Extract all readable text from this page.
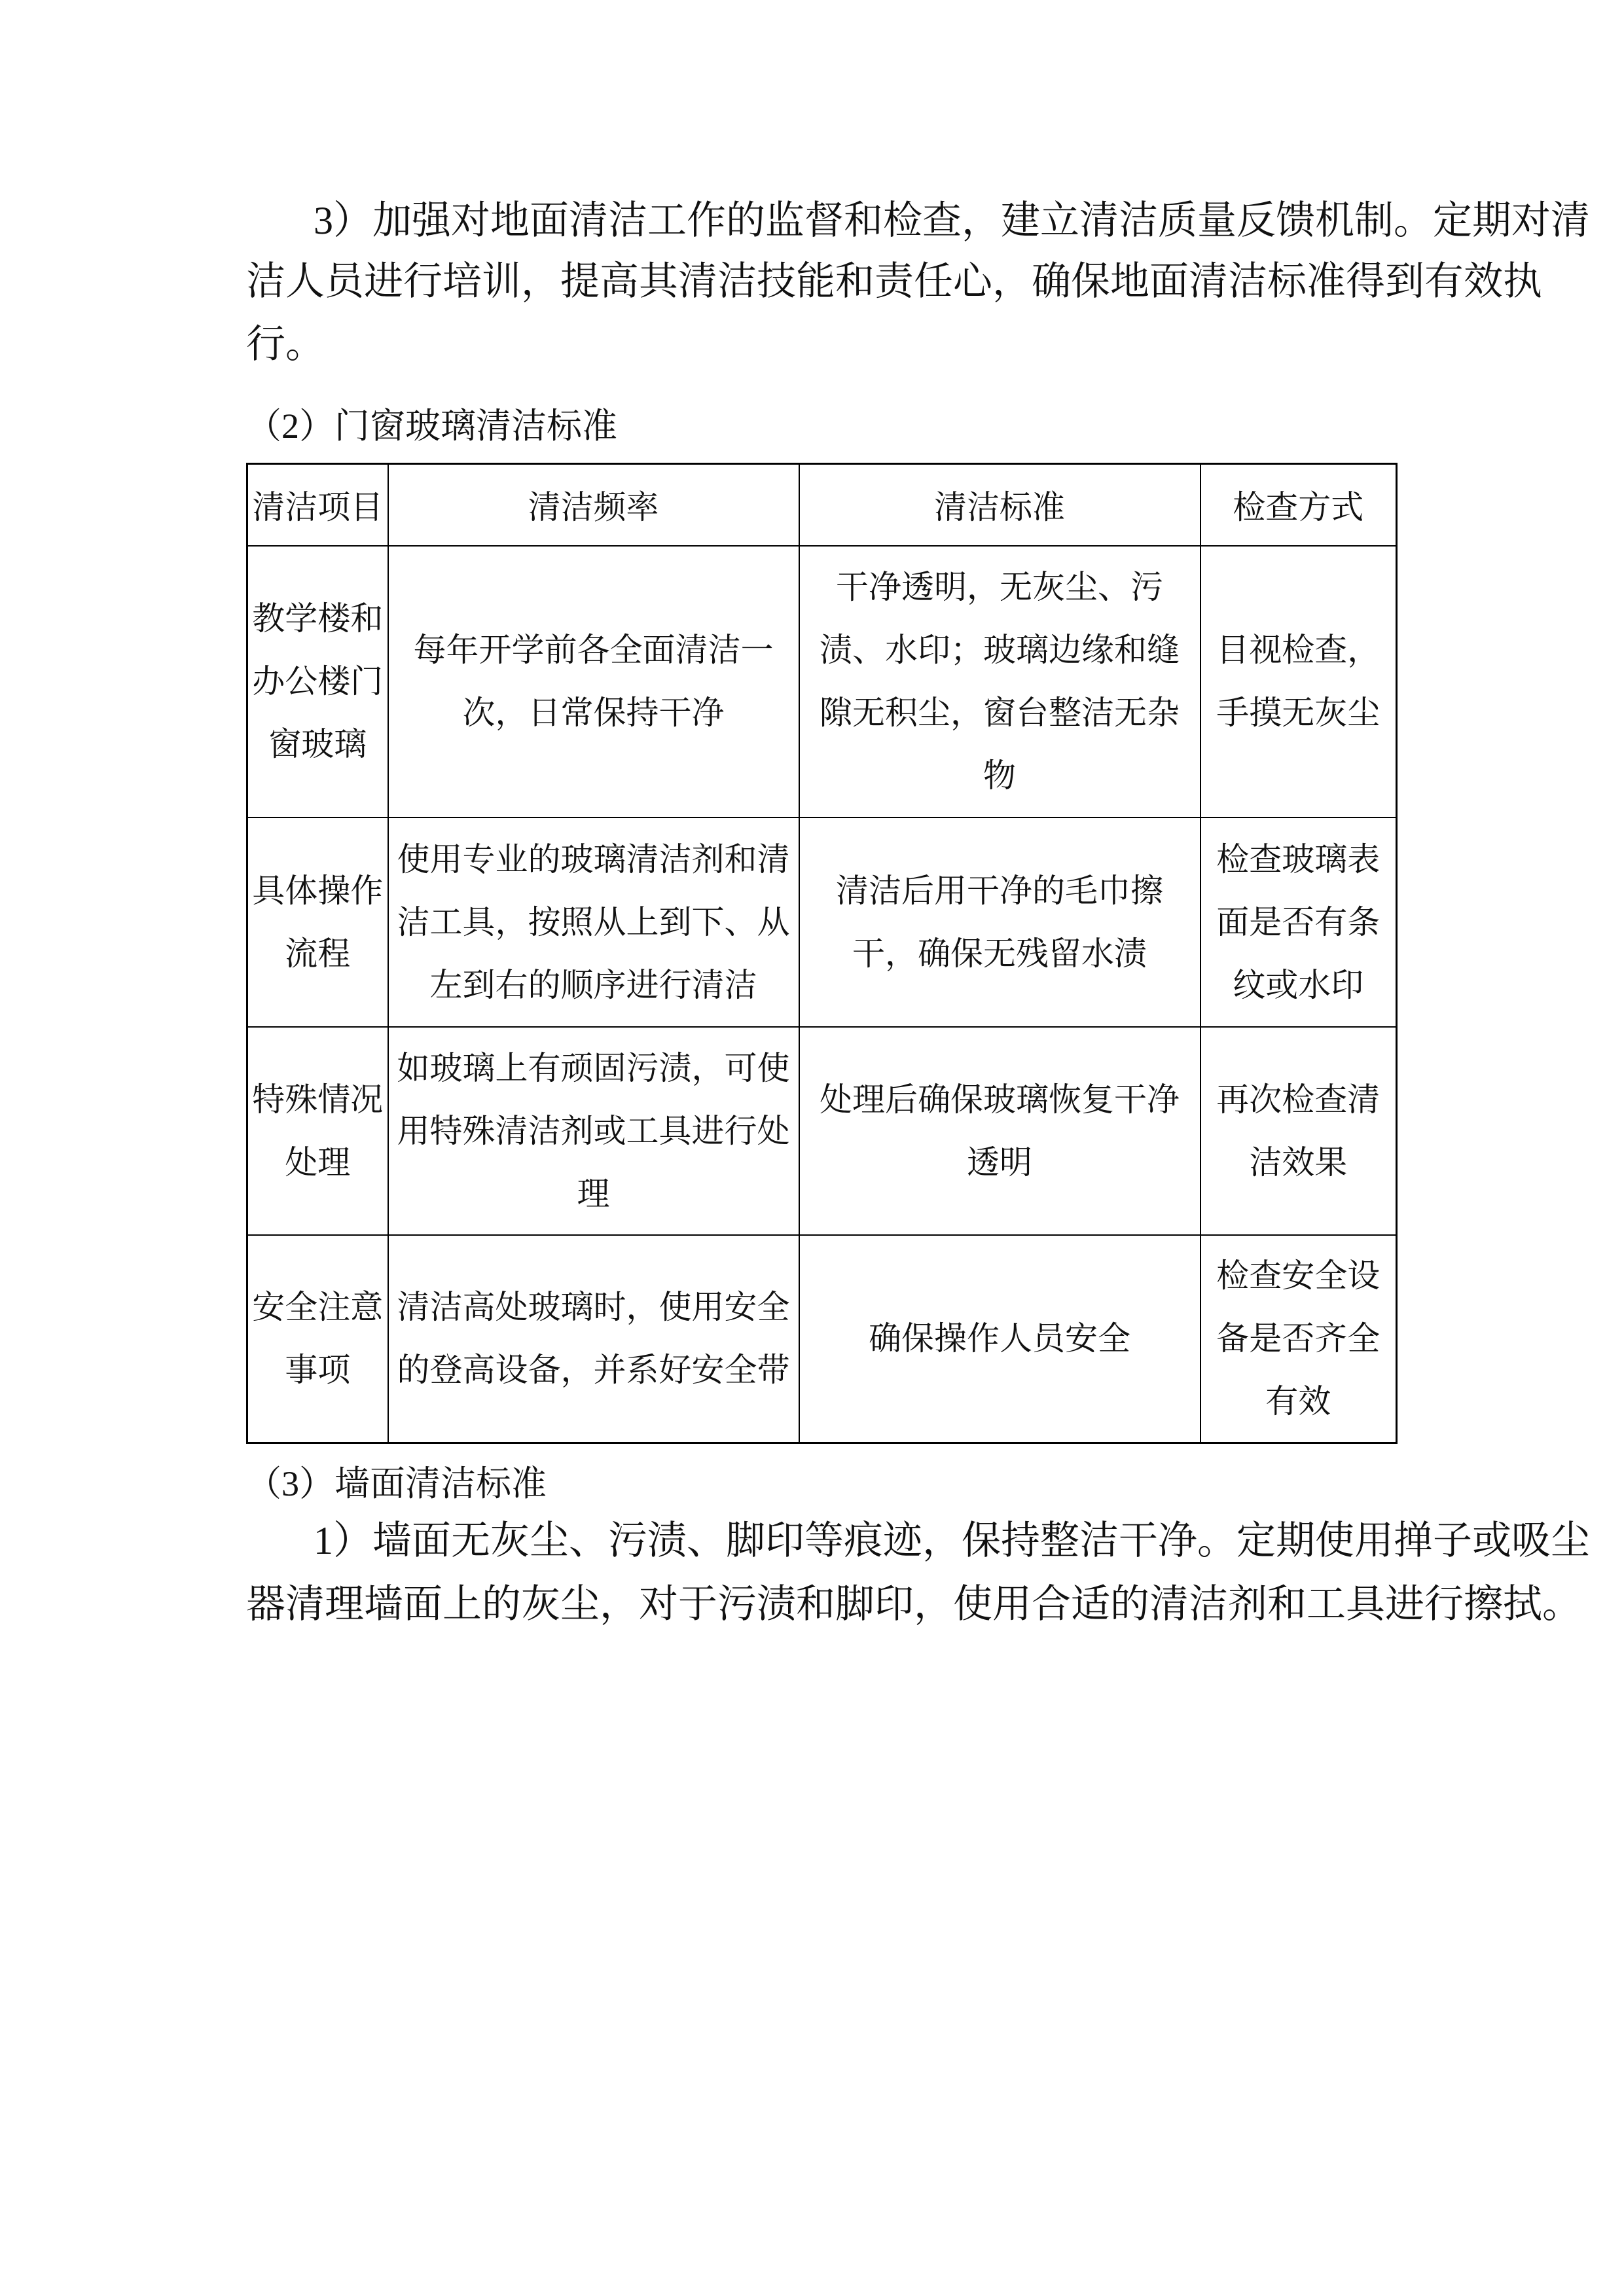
3）加强对地面清洁工作的监督和检查，建立清洁质量反馈机制。定期对清
洁人员进行培训，提高其清洁技能和责任心，确保地面清洁标准得到有效执
行。
（2）门窗玻璃清洁标准
清洁项目	清洁频率	清洁标准	检查方式

教学楼和
办公楼门
窗玻璃	每年开学前各全面清洁一
次，日常保持干净	干净透明，无灰尘、污
渍、水印；玻璃边缘和缝
隙无积尘，窗台整洁无杂
物	目视检查，
手摸无灰尘

具体操作
流程	使用专业的玻璃清洁剂和清
洁工具，按照从上到下、从
左到右的顺序进行清洁	清洁后用干净的毛巾擦
干，确保无残留水渍	检查玻璃表
面是否有条
纹或水印

特殊情况
处理	如玻璃上有顽固污渍，可使
用特殊清洁剂或工具进行处
理	处理后确保玻璃恢复干净
透明	再次检查清
洁效果

安全注意
事项	清洁高处玻璃时，使用安全
的登高设备，并系好安全带	确保操作人员安全	检查安全设
备是否齐全
有效
（3）墙面清洁标准
1）墙面无灰尘、污渍、脚印等痕迹，保持整洁干净。定期使用掸子或吸尘
器清理墙面上的灰尘，对于污渍和脚印，使用合适的清洁剂和工具进行擦拭。
